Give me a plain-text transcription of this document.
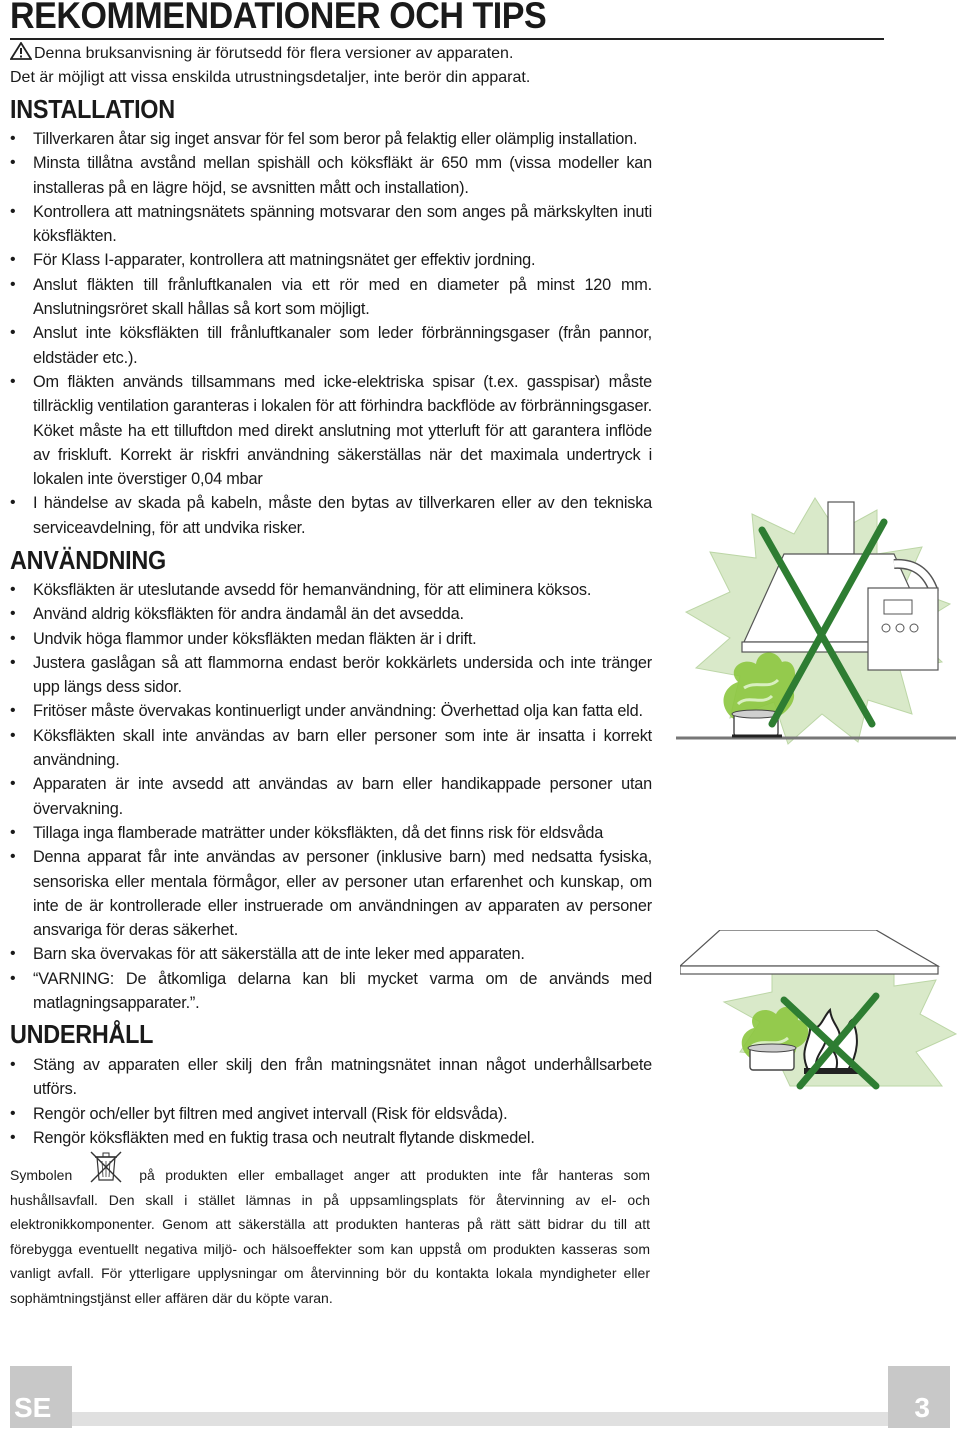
REKOMMENDATIONER OCH TIPS
Denna bruksanvisning är förutsedd för flera versioner av apparaten.
Det är möjligt att vissa enskilda utrustningsdetaljer, inte berör din apparat.
INSTALLATION
• Tillverkaren åtar sig inget ansvar för fel som beror på felaktig eller olämplig installation.
• Minsta tillåtna avstånd mellan spishäll och köksfläkt är 650 mm (vissa modeller kan installeras på en lägre höjd, se avsnitten mått och installation).
• Kontrollera att matningsnätets spänning motsvarar den som anges på märkskylten inuti köksfläkten.
• För Klass I-apparater, kontrollera att matningsnätet ger effektiv jordning.
• Anslut fläkten till frånluftkanalen via ett rör med en diameter på minst 120 mm. Anslutningsröret skall hållas så kort som möjligt.
• Anslut inte köksfläkten till frånluftkanaler som leder förbränningsgaser (från pannor, eldstäder etc.).
• Om fläkten används tillsammans med icke-elektriska spisar (t.ex. gasspisar) måste tillräcklig ventilation garanteras i lokalen för att förhindra backflöde av förbränningsgaser. Köket måste ha ett tilluftdon med direkt anslutning mot ytterluft för att garantera inflöde av friskluft. Korrekt är riskfri användning säkerställas när det maximala undertryck i lokalen inte överstiger 0,04 mbar
• I händelse av skada på kabeln, måste den bytas av tillverkaren eller av den tekniska serviceavdelning, för att undvika risker.
ANVÄNDNING
• Köksfläkten är uteslutande avsedd för hemanvändning, för att eliminera köksos.
• Använd aldrig köksfläkten för andra ändamål än det avsedda.
• Undvik höga flammor under köksfläkten medan fläkten är i drift.
• Justera gaslågan så att flammorna endast berör kokkärlets undersida och inte tränger upp längs dess sidor.
• Fritöser måste övervakas kontinuerligt under användning: Överhettad olja kan fatta eld.
• Köksfläkten skall inte användas av barn eller personer som inte är insatta i korrekt användning.
• Apparaten är inte avsedd att användas av barn eller handikappade personer utan övervakning.
• Tillaga inga flamberade maträtter under köksfläkten, då det finns risk för eldsvåda
• Denna apparat får inte användas av personer (inklusive barn) med nedsatta fysiska, sensoriska eller mentala förmågor, eller av personer utan erfarenhet och kunskap, om inte de är kontrollerade eller instruerade om användningen av apparaten av personer ansvariga för deras säkerhet.
• Barn ska övervakas för att säkerställa att de inte leker med apparaten.
• “VARNING: De åtkomliga delarna kan bli mycket varma om de används med matlagningsapparater.”.
UNDERHÅLL
• Stäng av apparaten eller skilj den från matningsnätet innan något underhållsarbete utförs.
• Rengör och/eller byt filtren med angivet intervall (Risk för eldsvåda).
• Rengör köksfläkten med en fuktig trasa och neutralt flytande diskmedel.
Symbolen	på produkten eller emballaget anger att produkten inte får hanteras som hushållsavfall. Den skall i stället lämnas in på uppsamlingsplats för återvinning av el- och elektronikkomponenter. Genom att säkerställa att produkten hanteras på rätt sätt bidrar du till att förebygga eventuellt negativa miljö- och hälsoeffekter som kan uppstå om produkten kasseras som vanligt avfall. För ytterligare upplysningar om återvinning bör du kontakta lokala myndigheter eller sophämtningstjänst eller affären där du köpte varan.
SE	3
